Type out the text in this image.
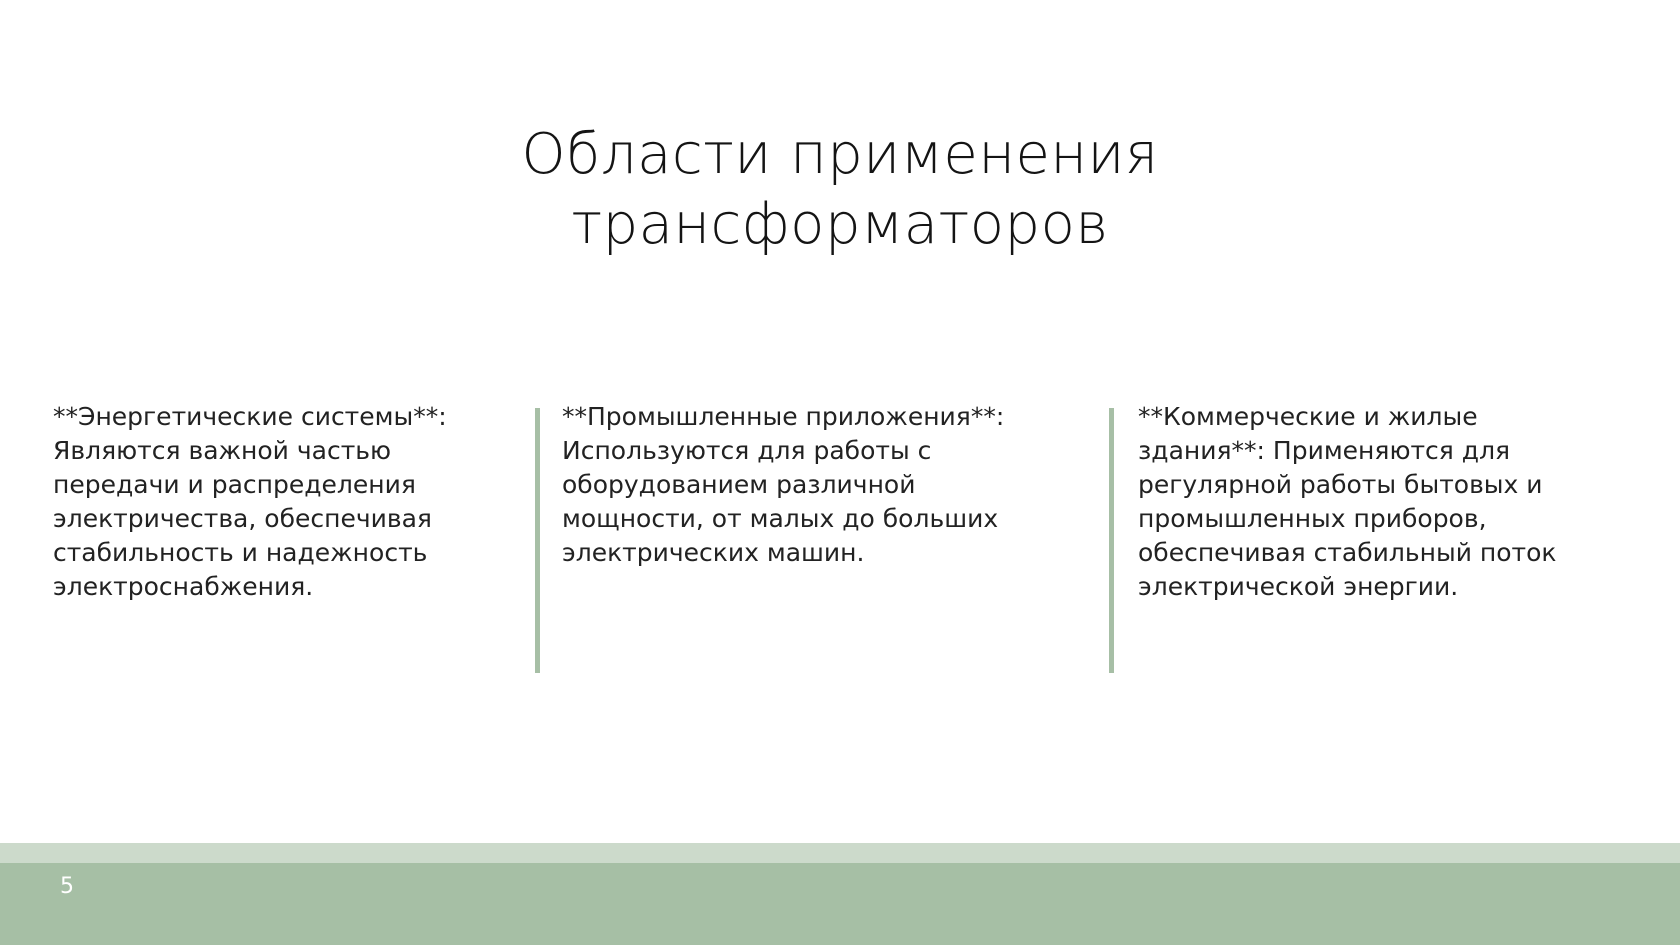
Области применения
трансформаторов
**Энергетические системы**:
Являются важной частью
передачи и распределения
электричества, обеспечивая
стабильность и надежность
электроснабжения.
**Промышленные приложения**:
Используются для работы с
оборудованием различной
мощности, от малых до больших
электрических машин.
**Коммерческие и жилые
здания**: Применяются для
регулярной работы бытовых и
промышленных приборов,
обеспечивая стабильный поток
электрической энергии.
5
